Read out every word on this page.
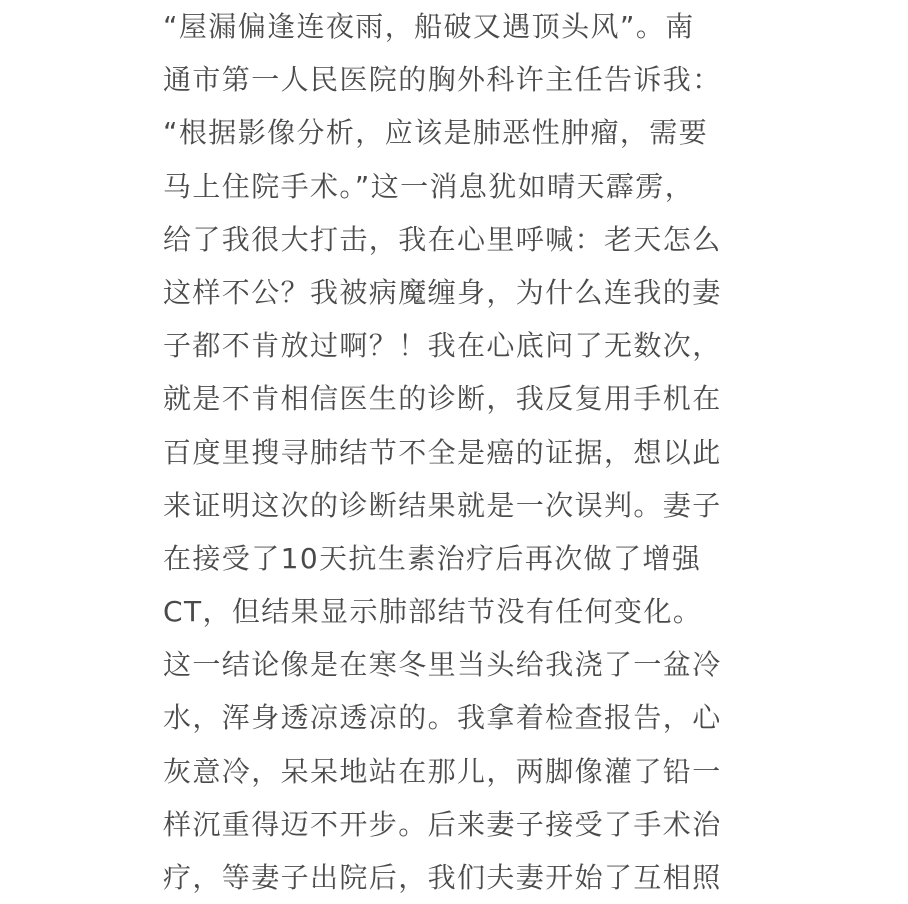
“屋漏偏逢连夜雨，船破又遇顶头风”。南
通市第一人民医院的胸外科许主任告诉我：
“根据影像分析，应该是肺恶性肿瘤，需要
马上住院手术。”这一消息犹如晴天霹雳，
给了我很大打击，我在心里呼喊：老天怎么
这样不公？我被病魔缠身，为什么连我的妻
子都不肯放过啊？！我在心底问了无数次，
就是不肯相信医生的诊断，我反复用手机在
百度里搜寻肺结节不全是癌的证据，想以此
来证明这次的诊断结果就是一次误判。妻子
在接受了10天抗生素治疗后再次做了增强
CT，但结果显示肺部结节没有任何变化。
这一结论像是在寒冬里当头给我浇了一盆冷
水，浑身透凉透凉的。我拿着检查报告，心
灰意冷，呆呆地站在那儿，两脚像灌了铅一
样沉重得迈不开步。后来妻子接受了手术治
疗，等妻子出院后，我们夫妻开始了互相照
